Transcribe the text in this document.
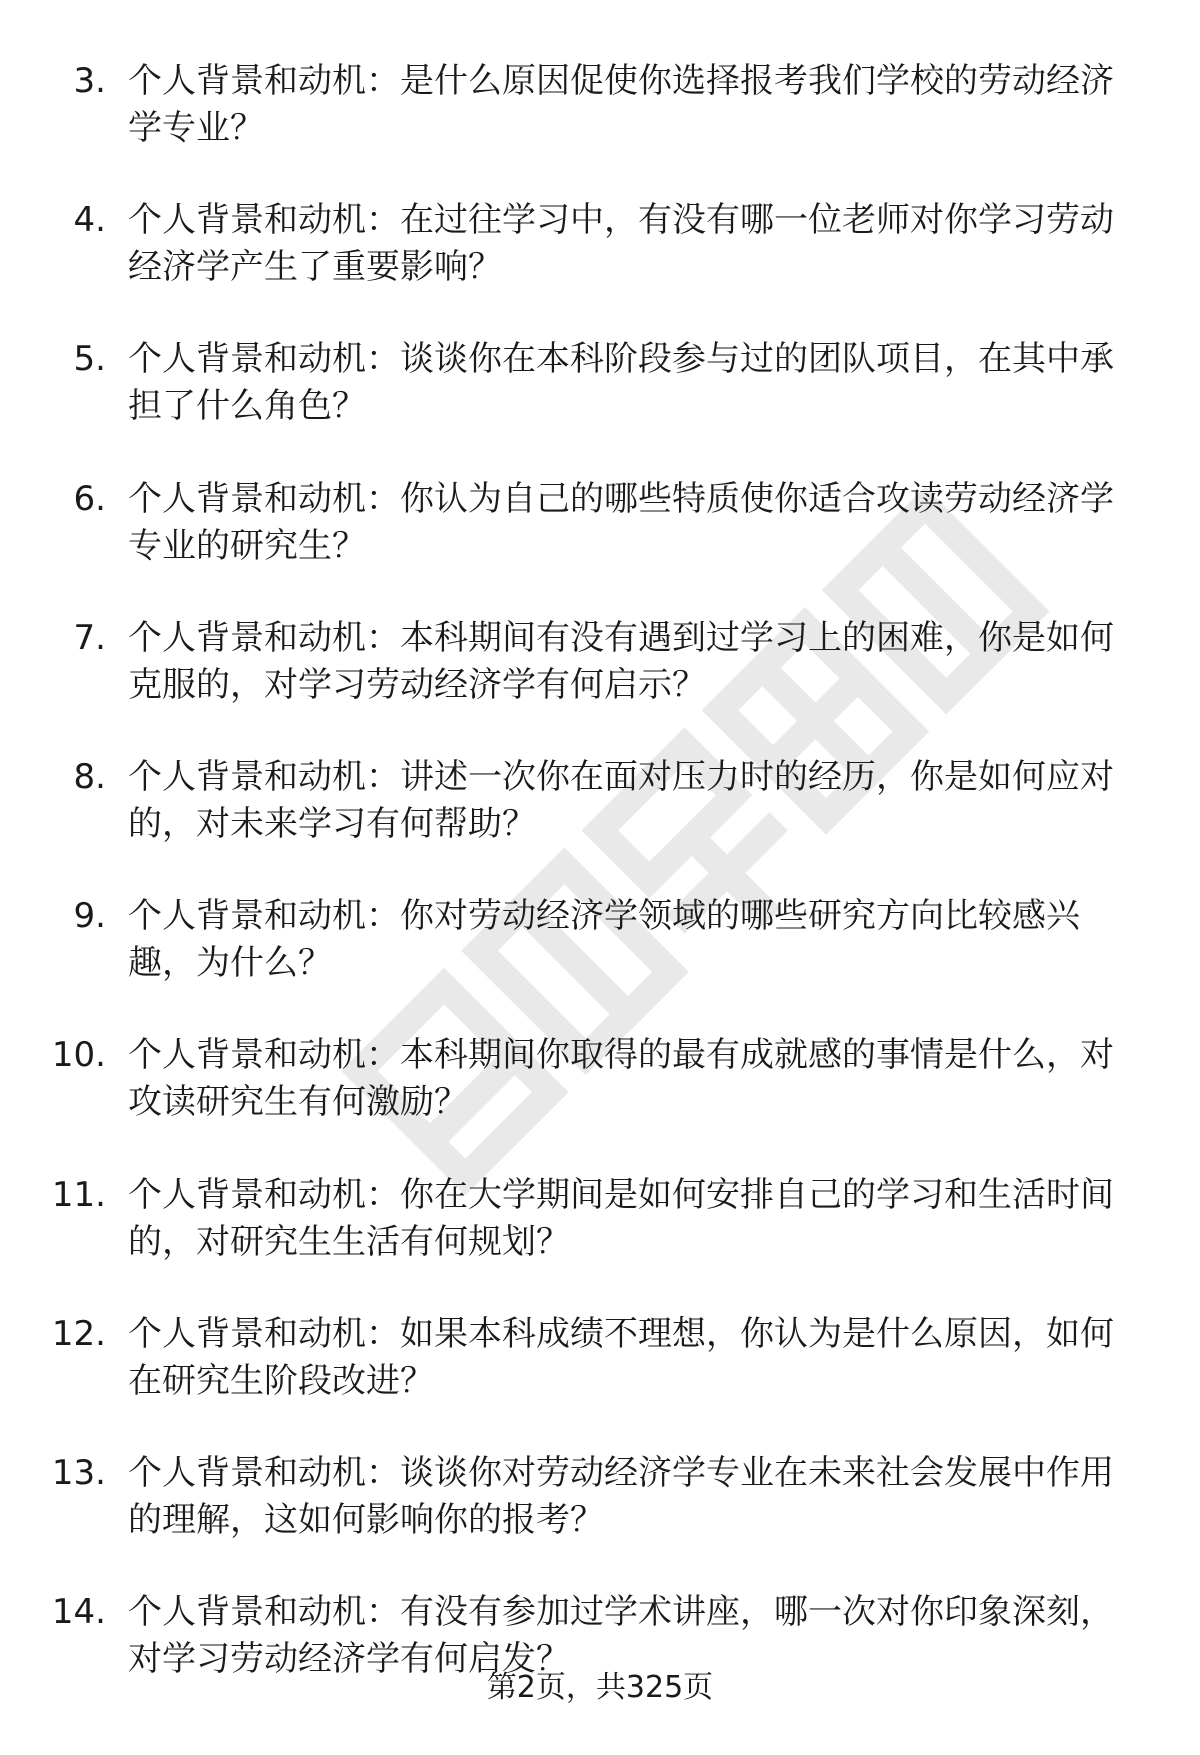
3. 个人背景和动机：是什么原因促使你选择报考我们学校的劳动经济学专业？
4. 个人背景和动机：在过往学习中，有没有哪一位老师对你学习劳动经济学产生了重要影响？
5. 个人背景和动机：谈谈你在本科阶段参与过的团队项目，在其中承担了什么角色？
6. 个人背景和动机：你认为自己的哪些特质使你适合攻读劳动经济学专业的研究生？
7. 个人背景和动机：本科期间有没有遇到过学习上的困难，你是如何克服的，对学习劳动经济学有何启示？
8. 个人背景和动机：讲述一次你在面对压力时的经历，你是如何应对的，对未来学习有何帮助？
9. 个人背景和动机：你对劳动经济学领域的哪些研究方向比较感兴趣，为什么？
10. 个人背景和动机：本科期间你取得的最有成就感的事情是什么，对攻读研究生有何激励？
11. 个人背景和动机：你在大学期间是如何安排自己的学习和生活时间的，对研究生生活有何规划？
12. 个人背景和动机：如果本科成绩不理想，你认为是什么原因，如何在研究生阶段改进？
13. 个人背景和动机：谈谈你对劳动经济学专业在未来社会发展中作用的理解，这如何影响你的报考？
14. 个人背景和动机：有没有参加过学术讲座，哪一次对你印象深刻，对学习劳动经济学有何启发？
第2页，共325页
